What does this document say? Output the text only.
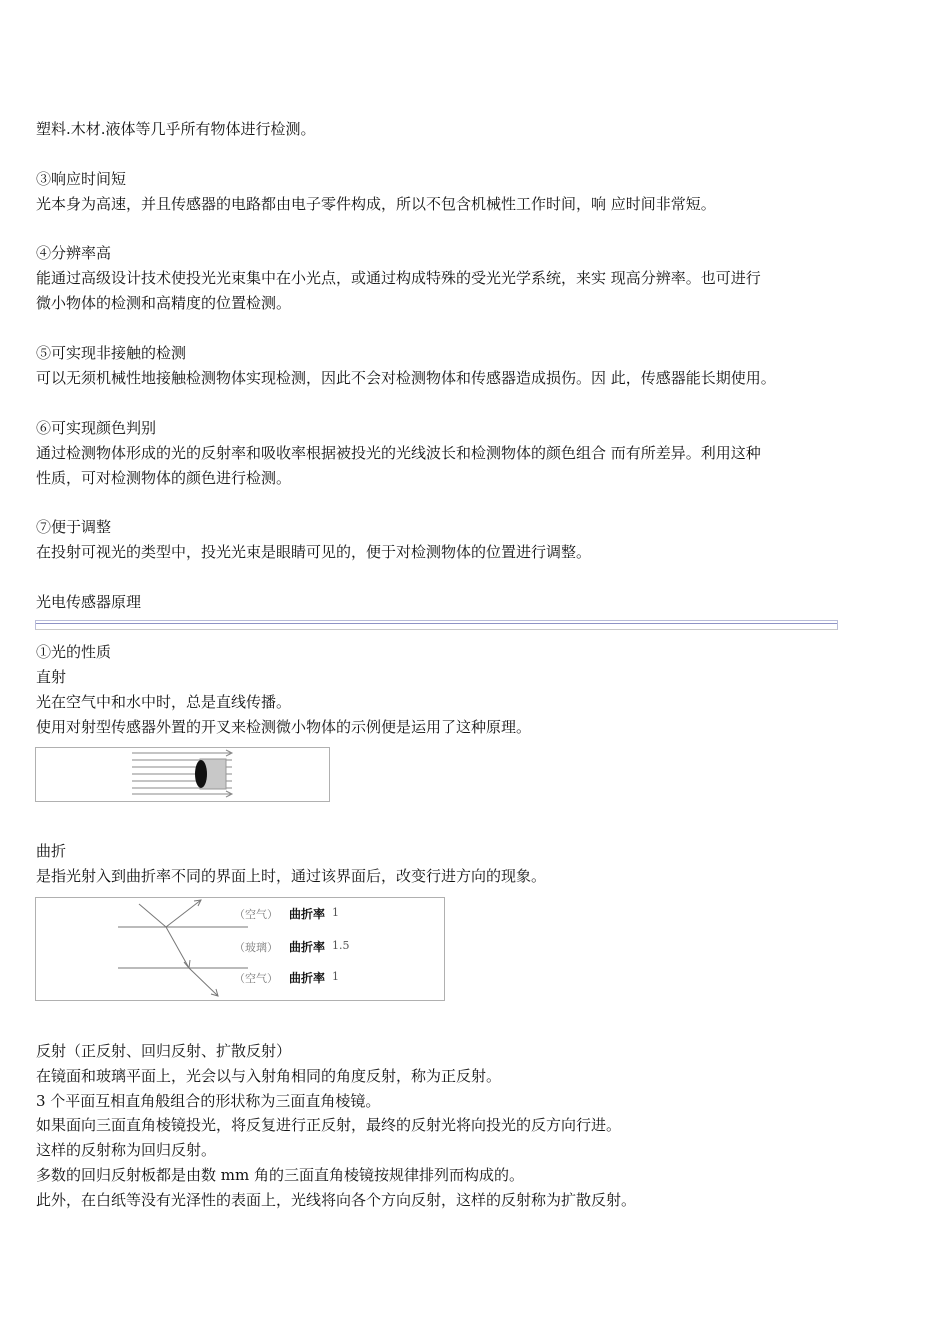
塑料.木材.液体等几乎所有物体进行检测。
③响应时间短
光本身为高速，并且传感器的电路都由电子零件构成，所以不包含机械性工作时间，响 应时间非常短。
④分辨率高
能通过高级设计技术使投光光束集中在小光点，或通过构成特殊的受光光学系统，来实 现高分辨率。也可进行
微小物体的检测和高精度的位置检测。
⑤可实现非接触的检测
可以无须机械性地接触检测物体实现检测，因此不会对检测物体和传感器造成损伤。因 此，传感器能长期使用。
⑥可实现颜色判别
通过检测物体形成的光的反射率和吸收率根据被投光的光线波长和检测物体的颜色组合 而有所差异。利用这种
性质，可对检测物体的颜色进行检测。
⑦便于调整
在投射可视光的类型中，投光光束是眼睛可见的，便于对检测物体的位置进行调整。
光电传感器原理
①光的性质
直射
光在空气中和水中时，总是直线传播。
使用对射型传感器外置的开叉来检测微小物体的示例便是运用了这种原理。
曲折
是指光射入到曲折率不同的界面上时，通过该界面后，改变行进方向的现象。
（空气） 曲折率 1
（玻璃） 曲折率 1.5
（空气） 曲折率 1
反射（正反射、回归反射、扩散反射）
在镜面和玻璃平面上，光会以与入射角相同的角度反射，称为正反射。
3 个平面互相直角般组合的形状称为三面直角棱镜。
如果面向三面直角棱镜投光，将反复进行正反射，最终的反射光将向投光的反方向行进。
这样的反射称为回归反射。
多数的回归反射板都是由数 mm 角的三面直角棱镜按规律排列而构成的。
此外，在白纸等没有光泽性的表面上，光线将向各个方向反射，这样的反射称为扩散反射。
